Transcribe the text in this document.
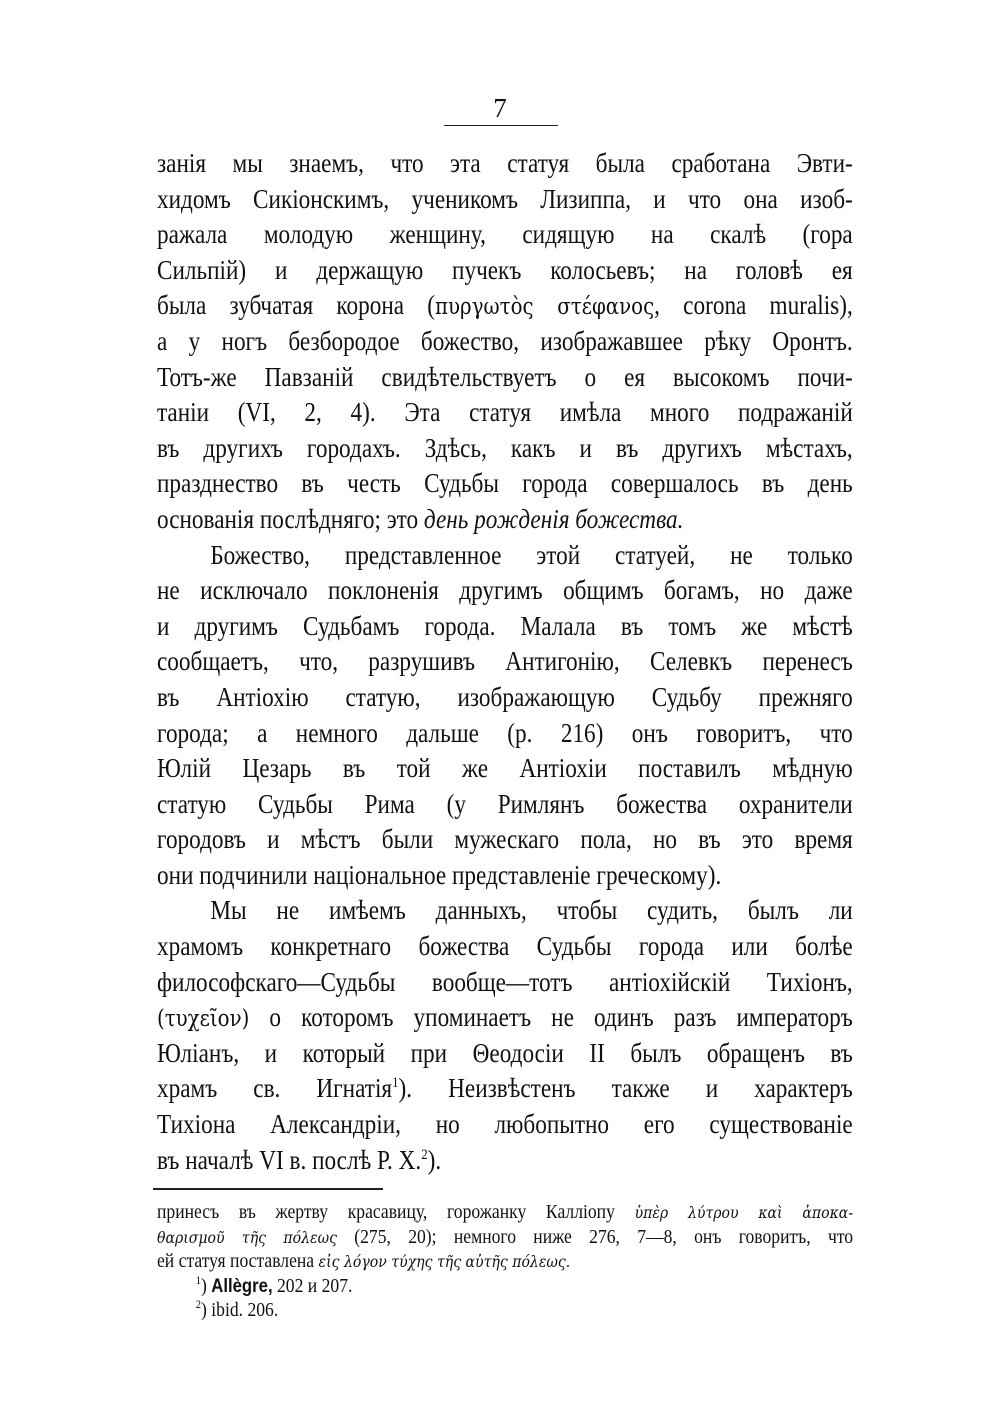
7
занія мы знаемъ, что эта статуя была сработана Эвти-
хидомъ Сикіонскимъ, ученикомъ Лизиппа, и что она изоб-
ражала молодую женщину, сидящую на скалѣ (гора
Сильпій) и держащую пучекъ колосьевъ; на головѣ ея
была зубчатая корона (πυργωτὸς στέφανος, corona muralis),
а у ногъ безбородое божество, изображавшее рѣку Оронтъ.
Тотъ-же Павзаній свидѣтельствуетъ о ея высокомъ почи-
таніи (VI, 2, 4). Эта статуя имѣла много подражаній
въ другихъ городахъ. Здѣсь, какъ и въ другихъ мѣстахъ,
празднество въ честь Судьбы города совершалось въ день
основанія послѣдняго; это день рожденія божества.
Божество, представленное этой статуей, не только
не исключало поклоненія другимъ общимъ богамъ, но даже
и другимъ Судьбамъ города. Малала въ томъ же мѣстѣ
сообщаетъ, что, разрушивъ Антигонію, Селевкъ перенесъ
въ Антіохію статую, изображающую Судьбу прежняго
города; а немного дальше (р. 216) онъ говоритъ, что
Юлій Цезарь въ той же Антіохіи поставилъ мѣдную
статую Судьбы Рима (у Римлянъ божества охранители
городовъ и мѣстъ были мужескаго пола, но въ это время
они подчинили національное представленіе греческому).
Мы не имѣемъ данныхъ, чтобы судить, былъ ли
храмомъ конкретнаго божества Судьбы города или болѣе
философскаго—Судьбы вообще—тотъ антіохійскій Тихіонъ,
(τυχεῖον) о которомъ упоминаетъ не одинъ разъ императоръ
Юліанъ, и который при Θеодосіи II былъ обращенъ въ
храмъ св. Игнатія$^1$). Неизвѣстенъ также и характеръ
Тихіона Александріи, но любопытно его существованіе
въ началѣ VI в. послѣ Р. Х.$^2$).
принесъ въ жертву красавицу, горожанку Калліопу ὑπὲρ λύτρου καὶ ἀποκα-
θαρισμοῦ τῆς πόλεως (275, 20); немного ниже 276, 7—8, онъ говоритъ, что
ей статуя поставлена εἰς λόγον τύχης τῆς αὐτῆς πόλεως.
$^1$) Allègre, 202 и 207.
$^2$) ibid. 206.
